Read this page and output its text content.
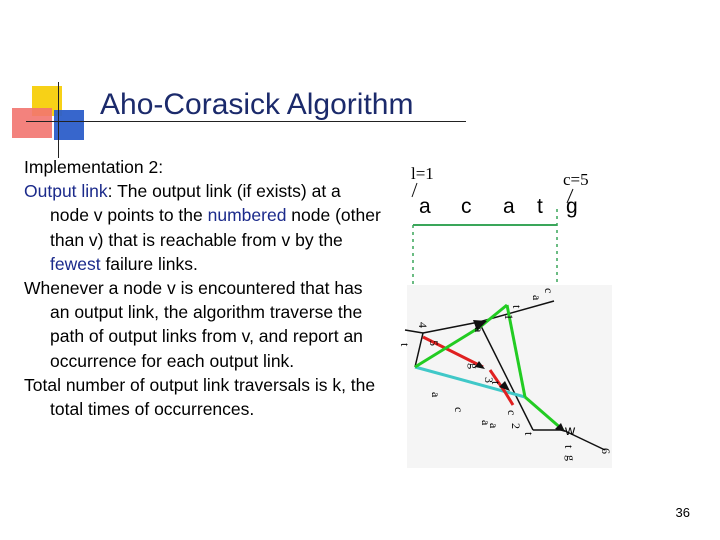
Aho-Corasick Algorithm

Implementation 2:

Output link: The output link (if exists) at a node v points to the numbered node (other than v) that is reachable from v by the fewest failure links.

Whenever a node v is encountered that has an output link, the algorithm traverse the path of output links from v, and report an occurrence for each output link.

Total number of output link traversals is k, the total times of occurrences.

l=1	c=5
a c a t g
4
5
1
3
2
6
a
t
c
g
a
t
a
t
c
a
t
c
a
t
g
w
36
